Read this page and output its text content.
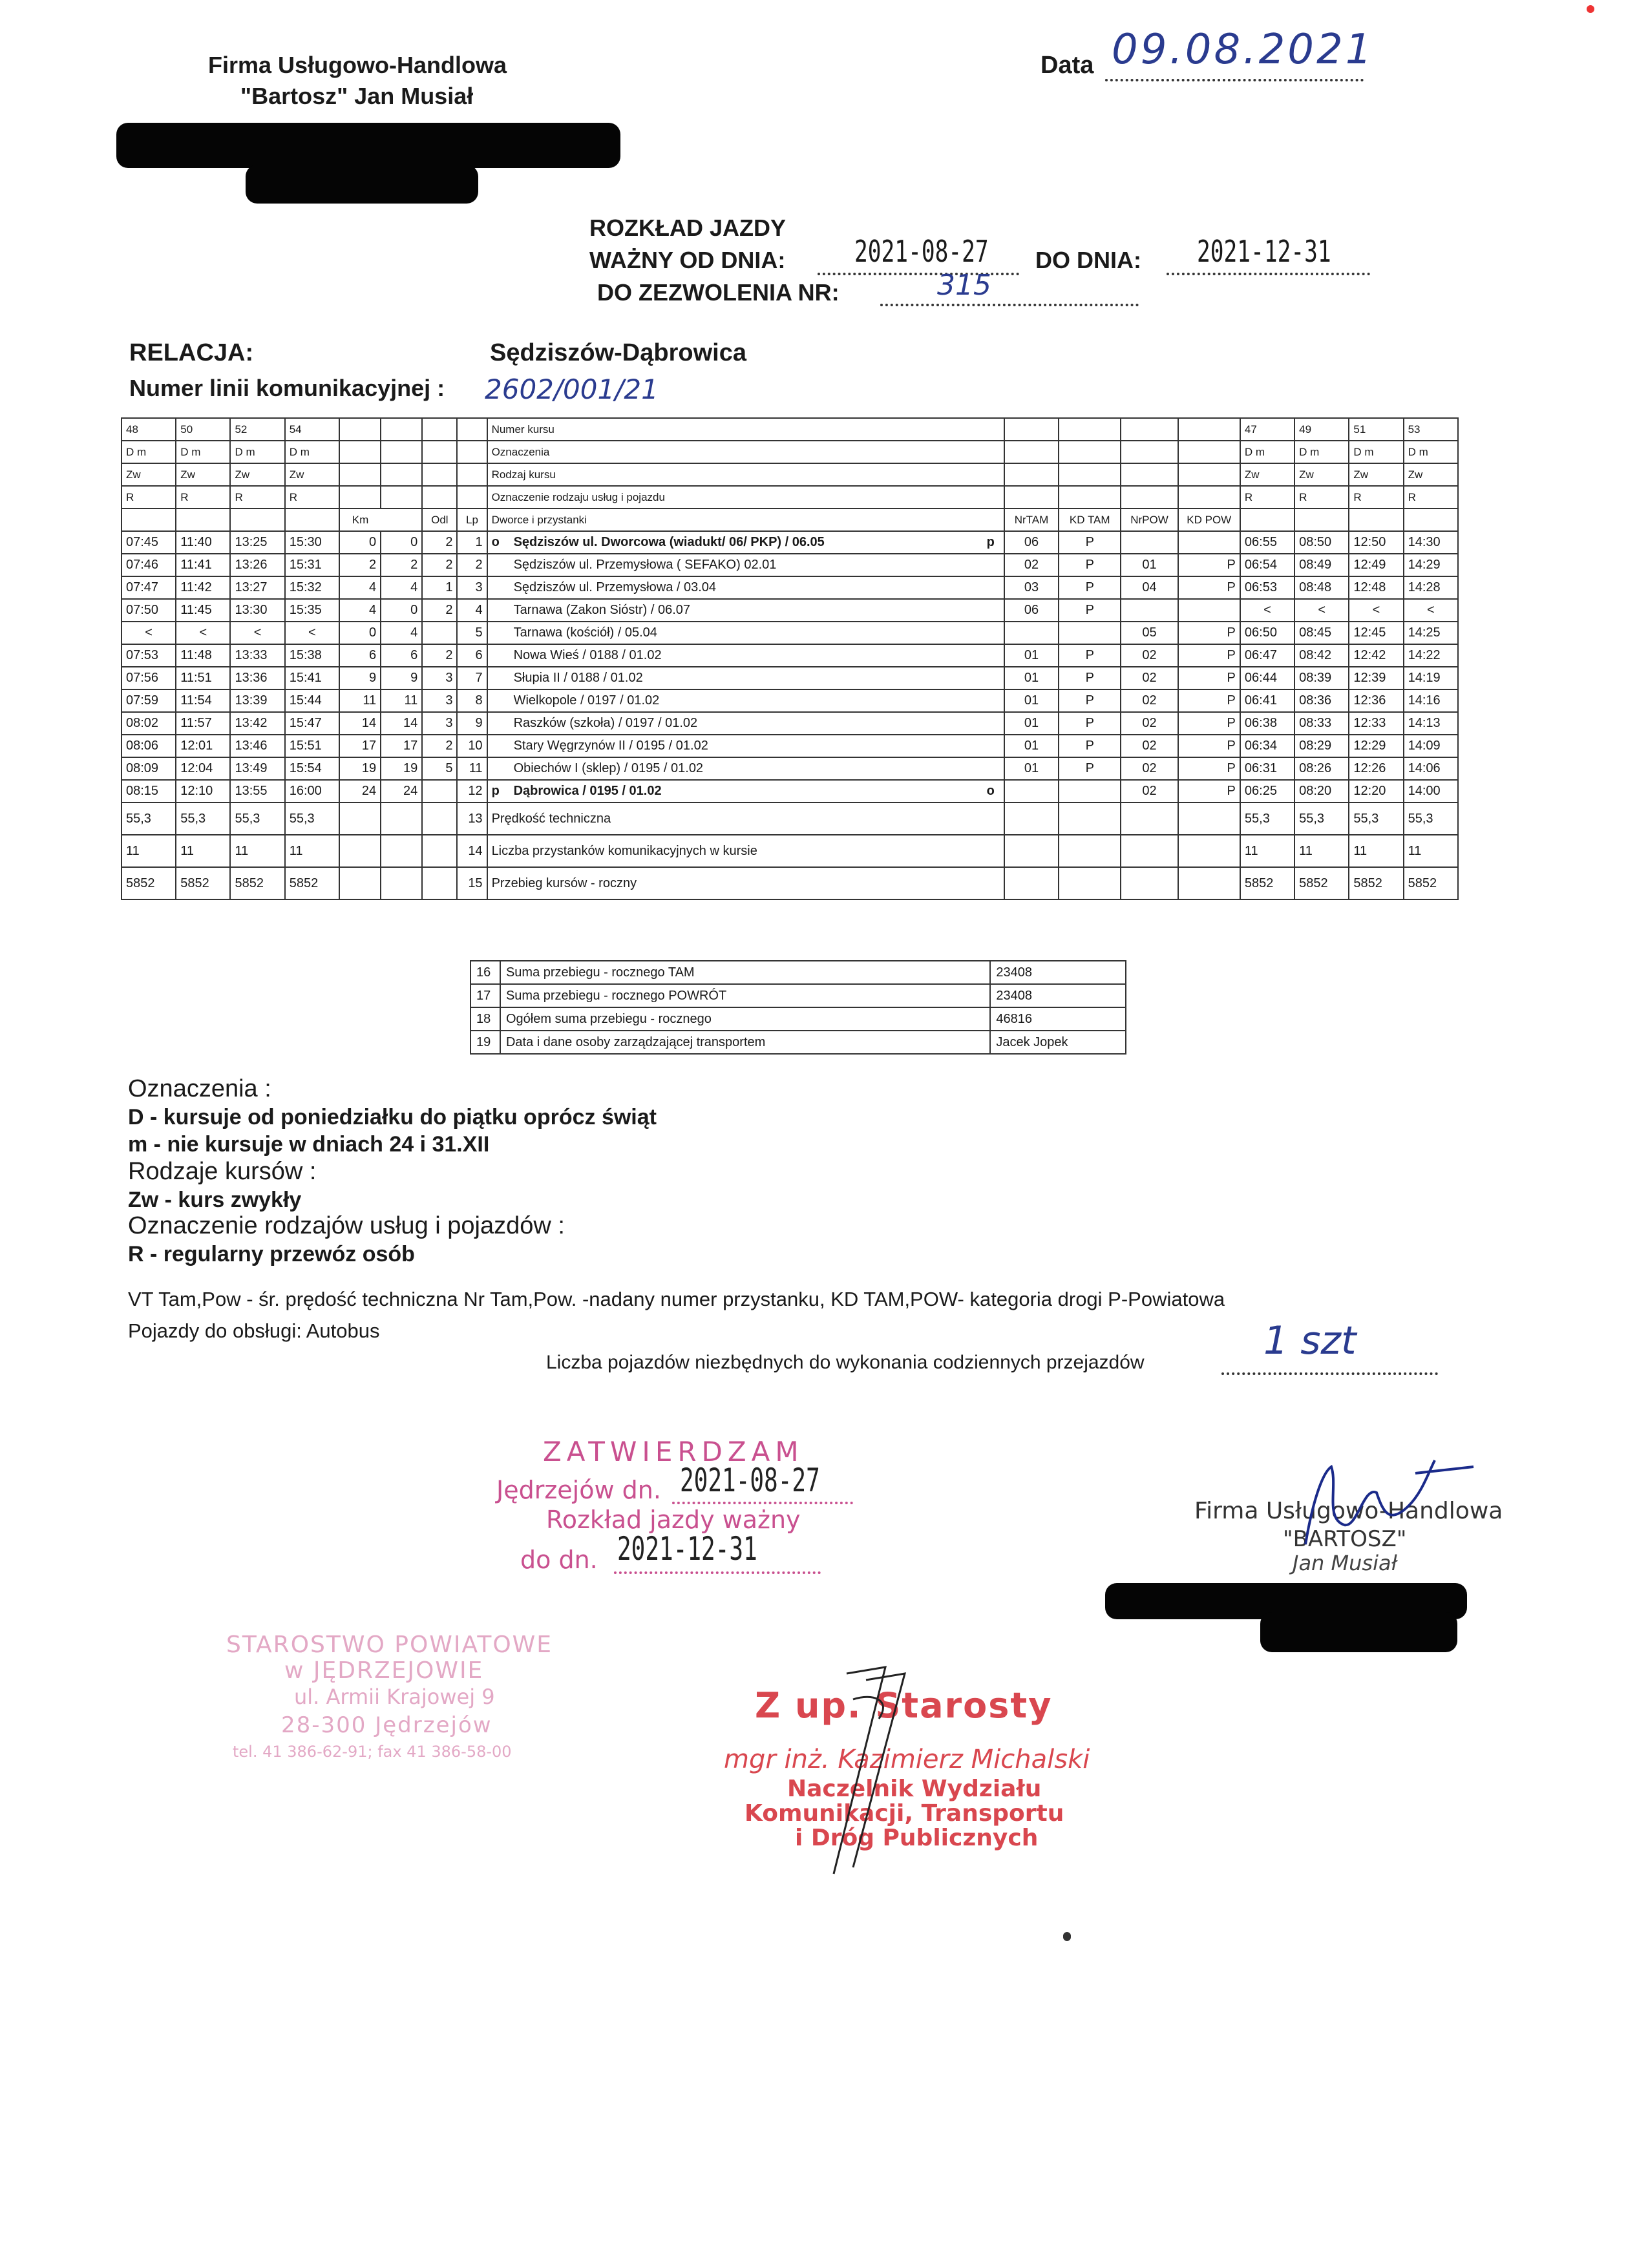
Firma Usługowo-Handlowa
"Bartosz" Jan Musiał
Data 09.08.2021
ROZKŁAD JAZDY
WAŻNY OD DNIA: 2021-08-27 DO DNIA: 2021-12-31
DO ZEZWOLENIA NR:	315
RELACJA:	Sędziszów-Dąbrowica
Numer linii komunikacyjnej : 2602/001/21
48	50	52	54					Numer kursu					47	49	51	53
D m	D m	D m	D m					Oznaczenia					D m	D m	D m	D m
Zw	Zw	Zw	Zw					Rodzaj kursu					Zw	Zw	Zw	Zw
R	R	R	R					Oznaczenie rodzaju usług i pojazdu					R	R	R	R
				Km		Odl	Lp	Dworce i przystanki	NrTAM	KD TAM	NrPOW	KD POW				
07:45	11:40	13:25	15:30	0	0	2	1	o Sędziszów ul. Dworcowa (wiadukt/ 06/ PKP) / 06.05 p	06	P			06:55	08:50	12:50	14:30
07:46	11:41	13:26	15:31	2	2	2	2	Sędziszów ul. Przemysłowa ( SEFAKO) 02.01	02	P	01	P	06:54	08:49	12:49	14:29
07:47	11:42	13:27	15:32	4	4	1	3	Sędziszów ul. Przemysłowa / 03.04	03	P	04	P	06:53	08:48	12:48	14:28
07:50	11:45	13:30	15:35	4	0	2	4	Tarnawa (Zakon Sióstr) / 06.07	06	P			<	<	<	<
<	<	<	<	0	4		5	Tarnawa (kościół) / 05.04			05	P	06:50	08:45	12:45	14:25
07:53	11:48	13:33	15:38	6	6	2	6	Nowa Wieś / 0188 / 01.02	01	P	02	P	06:47	08:42	12:42	14:22
07:56	11:51	13:36	15:41	9	9	3	7	Słupia II / 0188 / 01.02	01	P	02	P	06:44	08:39	12:39	14:19
07:59	11:54	13:39	15:44	11	11	3	8	Wielkopole / 0197 / 01.02	01	P	02	P	06:41	08:36	12:36	14:16
08:02	11:57	13:42	15:47	14	14	3	9	Raszków (szkoła) / 0197 / 01.02	01	P	02	P	06:38	08:33	12:33	14:13
08:06	12:01	13:46	15:51	17	17	2	10	Stary Węgrzynów II / 0195 / 01.02	01	P	02	P	06:34	08:29	12:29	14:09
08:09	12:04	13:49	15:54	19	19	5	11	Obiechów I (sklep) / 0195 / 01.02	01	P	02	P	06:31	08:26	12:26	14:06
08:15	12:10	13:55	16:00	24	24		12	p Dąbrowica / 0195 / 01.02 o			02	P	06:25	08:20	12:20	14:00
55,3	55,3	55,3	55,3				13	Prędkość techniczna					55,3	55,3	55,3	55,3
11	11	11	11				14	Liczba przystanków komunikacyjnych w kursie					11	11	11	11
5852	5852	5852	5852				15	Przebieg kursów - roczny					5852	5852	5852	5852
16	Suma przebiegu - rocznego TAM	23408
17	Suma przebiegu - rocznego POWRÓT	23408
18	Ogółem suma przebiegu - rocznego	46816
19	Data i dane osoby zarządzającej transportem	Jacek Jopek
Oznaczenia :
D - kursuje od poniedziałku do piątku oprócz świąt
m - nie kursuje w dniach 24 i 31.XII
Rodzaje kursów :
Zw - kurs zwykły
Oznaczenie rodzajów usług i pojazdów :
R - regularny przewóz osób
VT Tam,Pow - śr. prędość techniczna Nr Tam,Pow. -nadany numer przystanku, KD TAM,POW- kategoria drogi P-Powiatowa
Pojazdy do obsługi: Autobus
Liczba pojazdów niezbędnych do wykonania codziennych przejazdów	1 szt
ZATWIERDZAM
Jędrzejów dn. 2021-08-27
Rozkład jazdy ważny
do dn. 2021-12-31
Firma Usługowo-Handlowa
"BARTOSZ"
Jan Musiał
STAROSTWO POWIATOWE
w JĘDRZEJOWIE
ul. Armii Krajowej 9
28-300 Jędrzejów
tel. 41 386-62-91; fax 41 386-58-00
Z up. Starosty
mgr inż. Kazimierz Michalski
Naczelnik Wydziału
Komunikacji, Transportu
i Dróg Publicznych
